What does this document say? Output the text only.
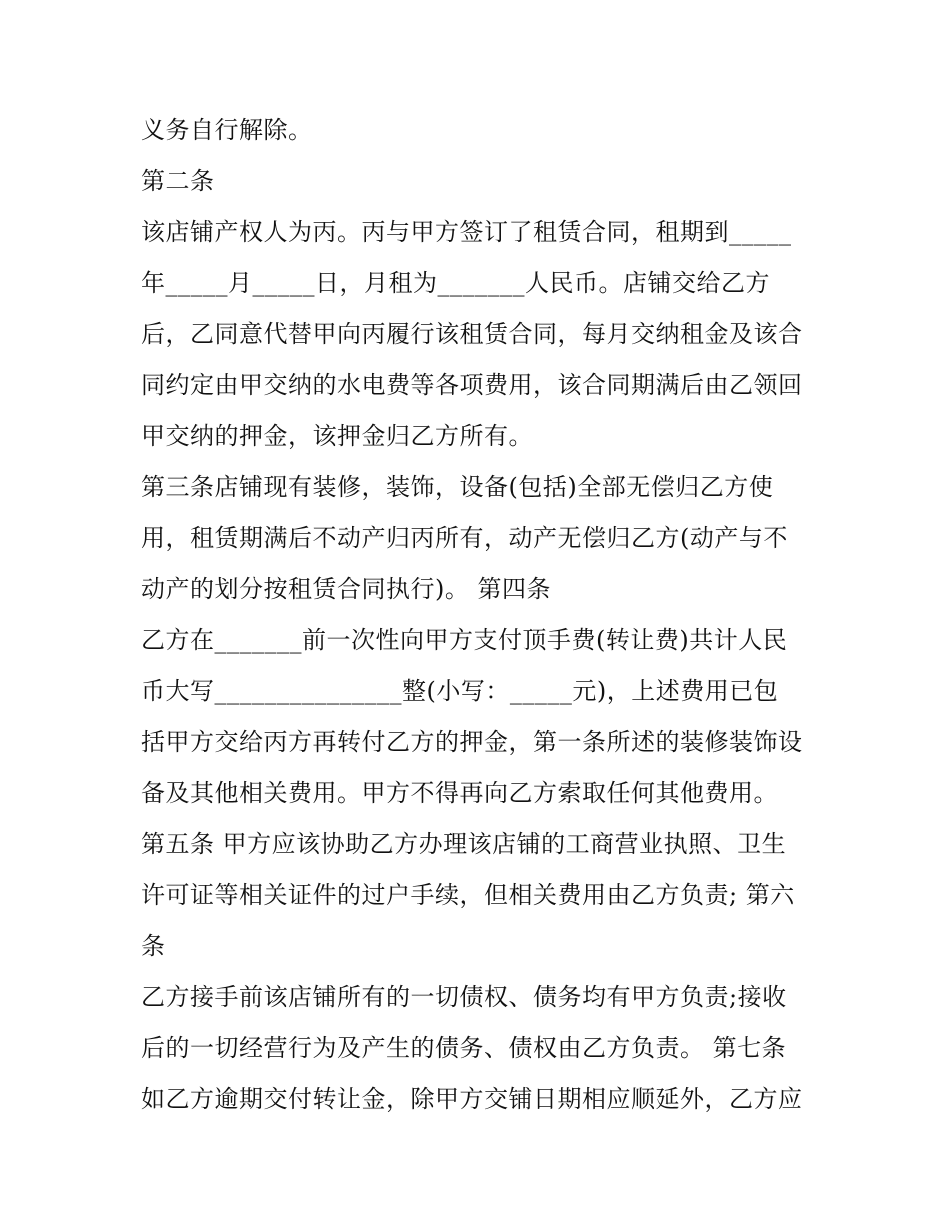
义务自行解除。
第二条
该店铺产权人为丙。丙与甲方签订了租赁合同，租期到_____
年_____月_____日，月租为_______人民币。店铺交给乙方
后，乙同意代替甲向丙履行该租赁合同，每月交纳租金及该合
同约定由甲交纳的水电费等各项费用，该合同期满后由乙领回
甲交纳的押金，该押金归乙方所有。
第三条店铺现有装修，装饰，设备(包括)全部无偿归乙方使
用，租赁期满后不动产归丙所有，动产无偿归乙方(动产与不
动产的划分按租赁合同执行)。 第四条
乙方在_______前一次性向甲方支付顶手费(转让费)共计人民
币大写_______________整(小写：_____元)，上述费用已包
括甲方交给丙方再转付乙方的押金，第一条所述的装修装饰设
备及其他相关费用。甲方不得再向乙方索取任何其他费用。
第五条 甲方应该协助乙方办理该店铺的工商营业执照、卫生
许可证等相关证件的过户手续，但相关费用由乙方负责; 第六
条
乙方接手前该店铺所有的一切债权、债务均有甲方负责;接收
后的一切经营行为及产生的债务、债权由乙方负责。 第七条
如乙方逾期交付转让金，除甲方交铺日期相应顺延外，乙方应
